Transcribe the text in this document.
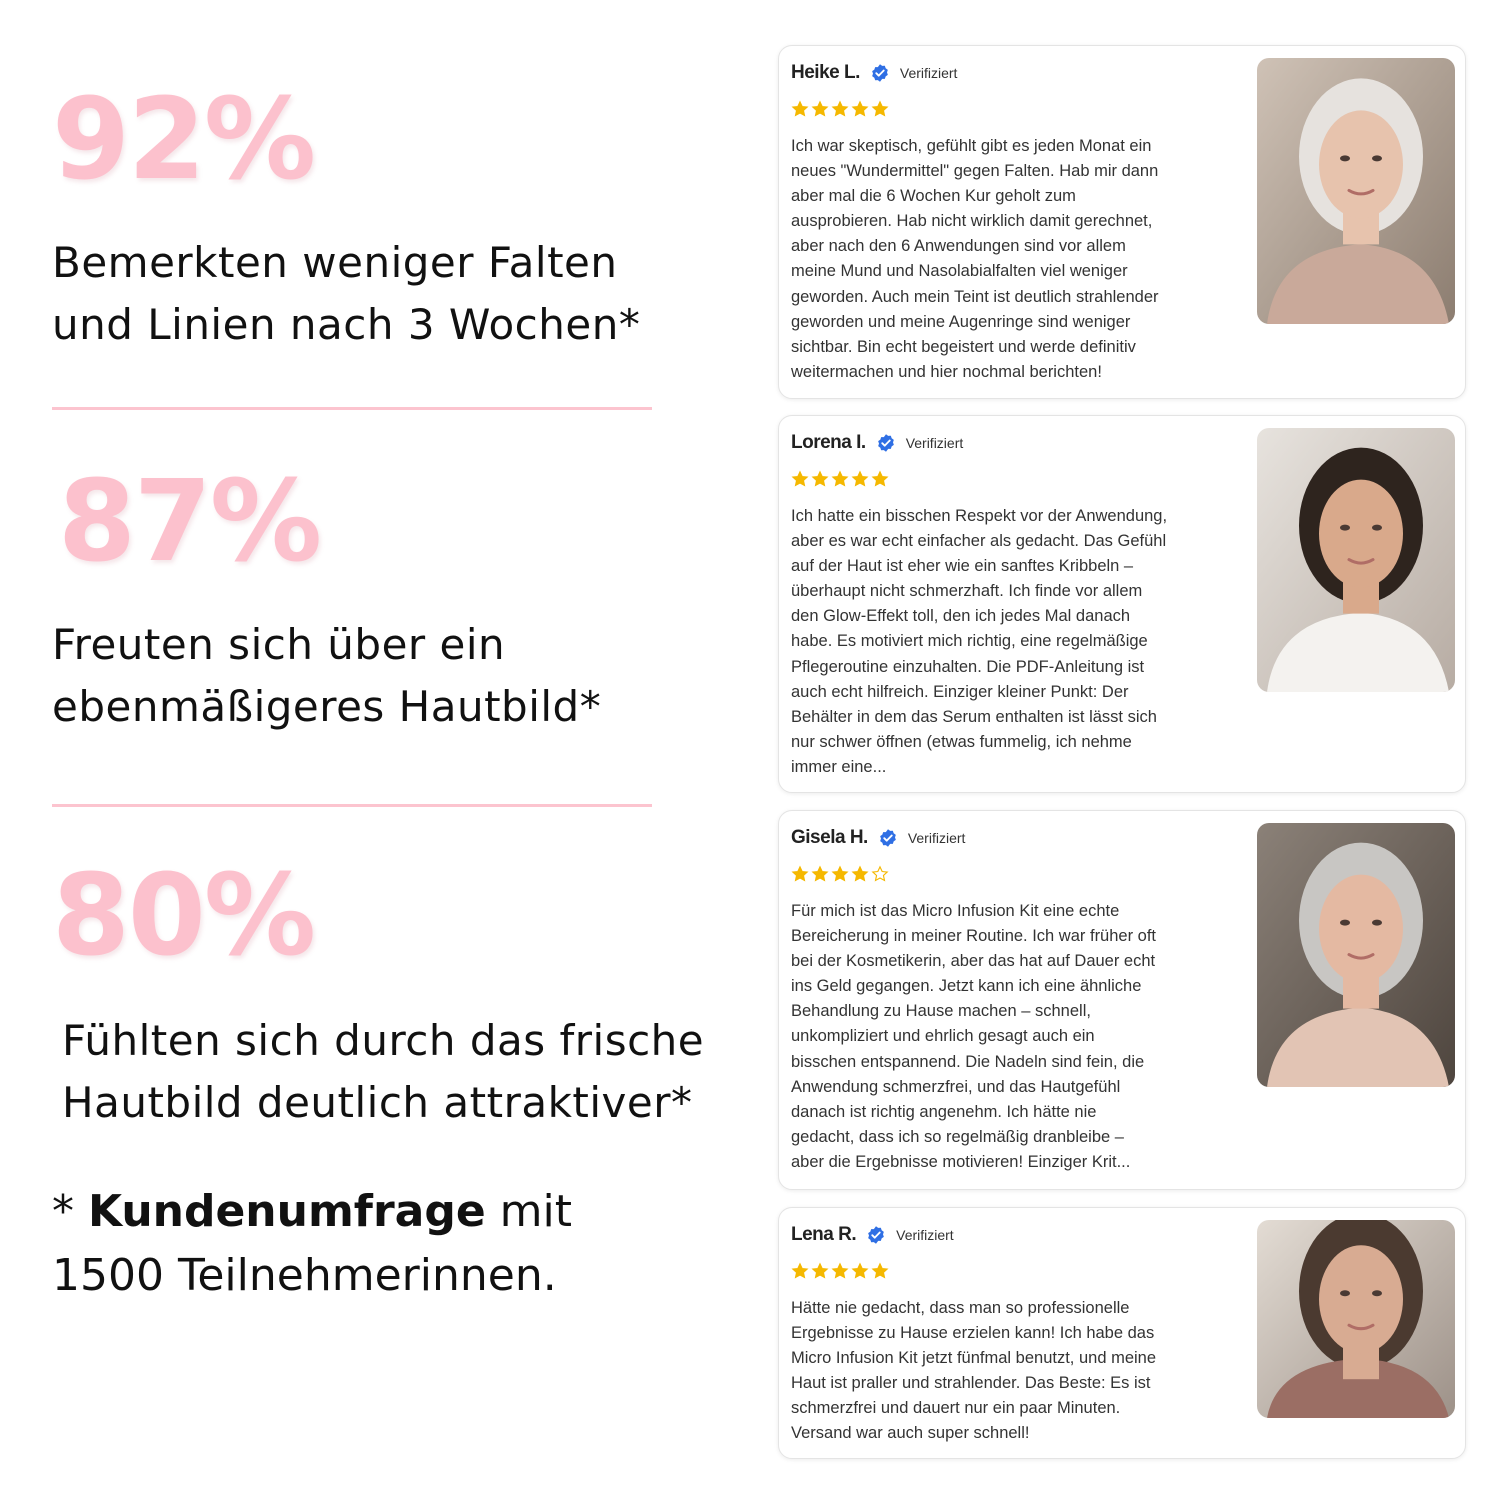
92%
Bemerkten weniger Falten
und Linien nach 3 Wochen*
87%
Freuten sich über ein
ebenmäßigeres Hautbild*
80%
Fühlten sich durch das frische
Hautbild deutlich attraktiver*
* Kundenumfrage mit
1500 Teilnehmerinnen.
Heike L.	Verifiziert
Ich war skeptisch, gefühlt gibt es jeden Monat ein
neues "Wundermittel" gegen Falten. Hab mir dann
aber mal die 6 Wochen Kur geholt zum
ausprobieren. Hab nicht wirklich damit gerechnet,
aber nach den 6 Anwendungen sind vor allem
meine Mund und Nasolabialfalten viel weniger
geworden. Auch mein Teint ist deutlich strahlender
geworden und meine Augenringe sind weniger
sichtbar. Bin echt begeistert und werde definitiv
weitermachen und hier nochmal berichten!
Lorena I.	Verifiziert
Ich hatte ein bisschen Respekt vor der Anwendung,
aber es war echt einfacher als gedacht. Das Gefühl
auf der Haut ist eher wie ein sanftes Kribbeln –
überhaupt nicht schmerzhaft. Ich finde vor allem
den Glow-Effekt toll, den ich jedes Mal danach
habe. Es motiviert mich richtig, eine regelmäßige
Pflegeroutine einzuhalten. Die PDF-Anleitung ist
auch echt hilfreich. Einziger kleiner Punkt: Der
Behälter in dem das Serum enthalten ist lässt sich
nur schwer öffnen (etwas fummelig, ich nehme
immer eine...
Gisela H.	Verifiziert
Für mich ist das Micro Infusion Kit eine echte
Bereicherung in meiner Routine. Ich war früher oft
bei der Kosmetikerin, aber das hat auf Dauer echt
ins Geld gegangen. Jetzt kann ich eine ähnliche
Behandlung zu Hause machen – schnell,
unkompliziert und ehrlich gesagt auch ein
bisschen entspannend. Die Nadeln sind fein, die
Anwendung schmerzfrei, und das Hautgefühl
danach ist richtig angenehm. Ich hätte nie
gedacht, dass ich so regelmäßig dranbleibe –
aber die Ergebnisse motivieren! Einziger Krit...
Lena R.	Verifiziert
Hätte nie gedacht, dass man so professionelle
Ergebnisse zu Hause erzielen kann! Ich habe das
Micro Infusion Kit jetzt fünfmal benutzt, und meine
Haut ist praller und strahlender. Das Beste: Es ist
schmerzfrei und dauert nur ein paar Minuten.
Versand war auch super schnell!
